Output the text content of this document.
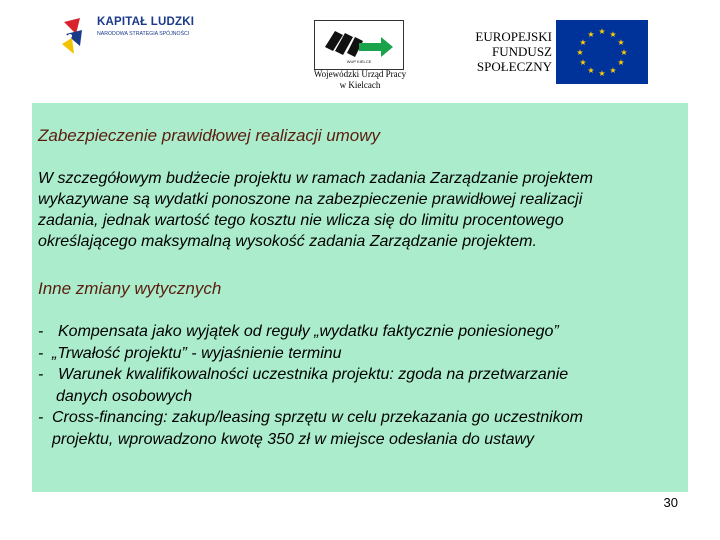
KAPITAŁ LUDZKI
NARODOWA STRATEGIA SPÓJNOŚCI
WUP KIELCE
Wojewódzki Urząd Pracy
w Kielcach
EUROPEJSKI
FUNDUSZ
SPOŁECZNY
★ ★
★
★
★
★
★
★
★
★
★
★

Zabezpieczenie prawidłowej realizacji umowy

W szczegółowym budżecie projektu w ramach zadania Zarządzanie projektem
wykazywane są wydatki ponoszone na zabezpieczenie prawidłowej realizacji
zadania, jednak wartość tego kosztu nie wlicza się do limitu procentowego
określającego maksymalną wysokość zadania Zarządzanie projektem.

Inne zmiany wytycznych

- Kompensata jako wyjątek od reguły „wydatku faktycznie poniesionego”
- „Trwałość projektu” - wyjaśnienie terminu
- Warunek kwalifikowalności uczestnika projektu: zgoda na przetwarzanie
danych osobowych
- Cross-financing: zakup/leasing sprzętu w celu przekazania go uczestnikom
projektu, wprowadzono kwotę 350 zł w miejsce odesłania do ustawy
30
